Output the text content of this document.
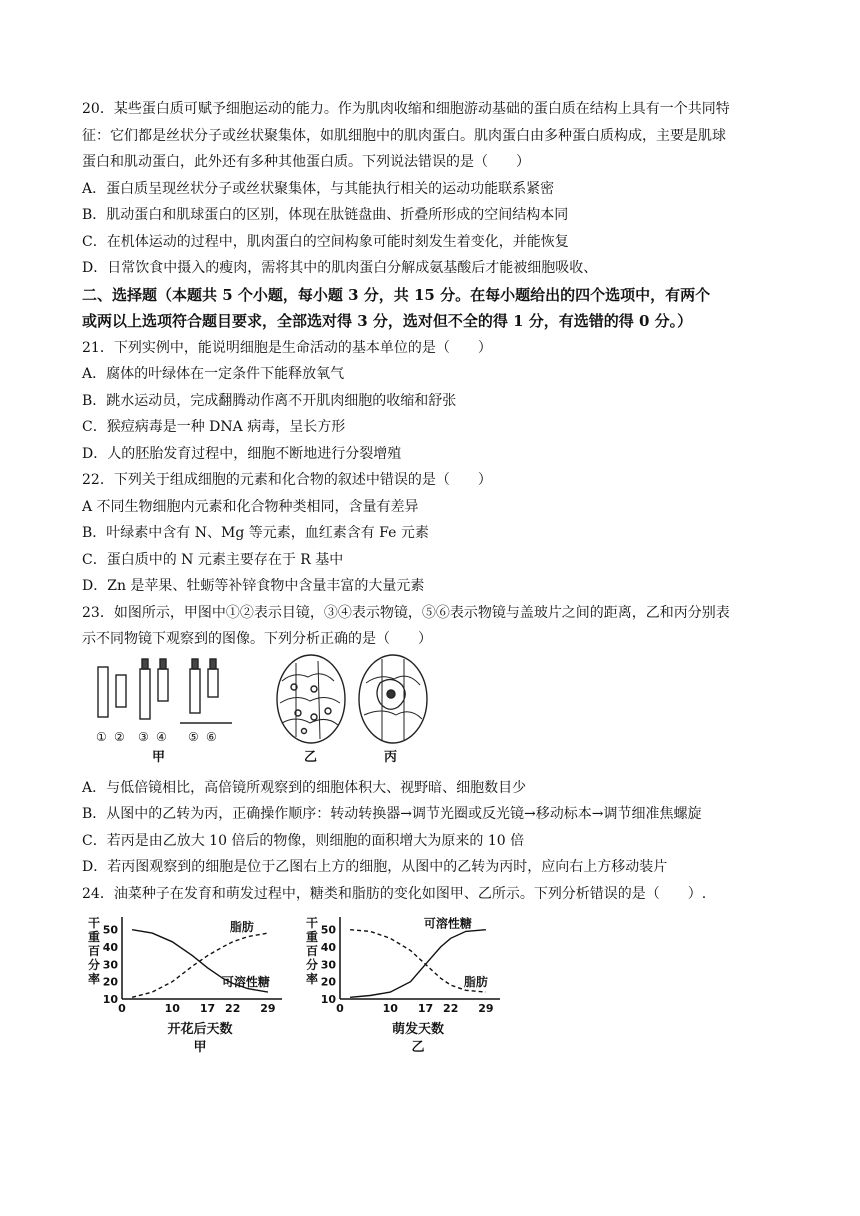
20．某些蛋白质可赋予细胞运动的能力。作为肌肉收缩和细胞游动基础的蛋白质在结构上具有一个共同特
征：它们都是丝状分子或丝状聚集体，如肌细胞中的肌肉蛋白。肌肉蛋白由多种蛋白质构成，主要是肌球
蛋白和肌动蛋白，此外还有多种其他蛋白质。下列说法错误的是（　　）
A．蛋白质呈现丝状分子或丝状聚集体，与其能执行相关的运动功能联系紧密
B．肌动蛋白和肌球蛋白的区别，体现在肽链盘曲、折叠所形成的空间结构本同
C．在机体运动的过程中，肌肉蛋白的空间构象可能时刻发生着变化，并能恢复
D．日常饮食中摄入的瘦肉，需将其中的肌肉蛋白分解成氨基酸后才能被细胞吸收、
二、选择题（本题共 5 个小题，每小题 3 分，共 15 分。在每小题给出的四个选项中，有两个
或两以上选项符合题目要求，全部选对得 3 分，选对但不全的得 1 分，有选错的得 0 分。）
21．下列实例中，能说明细胞是生命活动的基本单位的是（　　）
A．腐体的叶绿体在一定条件下能释放氧气
B．跳水运动员，完成翻腾动作离不开肌肉细胞的收缩和舒张
C．猴痘病毒是一种 DNA 病毒，呈长方形
D．人的胚胎发育过程中，细胞不断地进行分裂增殖
22．下列关于组成细胞的元素和化合物的叙述中错误的是（　　）
A 不同生物细胞内元素和化合物种类相同，含量有差异
B．叶绿素中含有 N、Mg 等元素，血红素含有 Fe 元素
C．蛋白质中的 N 元素主要存在于 R 基中
D．Zn 是苹果、牡蛎等补锌食物中含量丰富的大量元素
23．如图所示，甲图中①②表示目镜，③④表示物镜，⑤⑥表示物镜与盖玻片之间的距离，乙和丙分别表
示不同物镜下观察到的图像。下列分析正确的是（　　）
① ② ③ ④ ⑤ ⑥
甲	乙	丙
A．与低倍镜相比，高倍镜所观察到的细胞体积大、视野暗、细胞数目少
B．从图中的乙转为丙，正确操作顺序：转动转换器→调节光圈或反光镜→移动标本→调节细准焦螺旋
C．若丙是由乙放大 10 倍后的物像，则细胞的面积增大为原来的 10 倍
D．若丙图观察到的细胞是位于乙图右上方的细胞，从图中的乙转为丙时，应向右上方移动装片
24．油菜种子在发育和萌发过程中，糖类和脂肪的变化如图甲、乙所示。下列分析错误的是（　　）.
干
重
百
分
率
10
20
30
40
50
0	10 17 22 29
可溶性糖
脂肪
开花后天数
甲
干
重
百
分
率
10
20
30
40
50
0	10 17 22 29
可溶性糖
脂肪
萌发天数
乙
